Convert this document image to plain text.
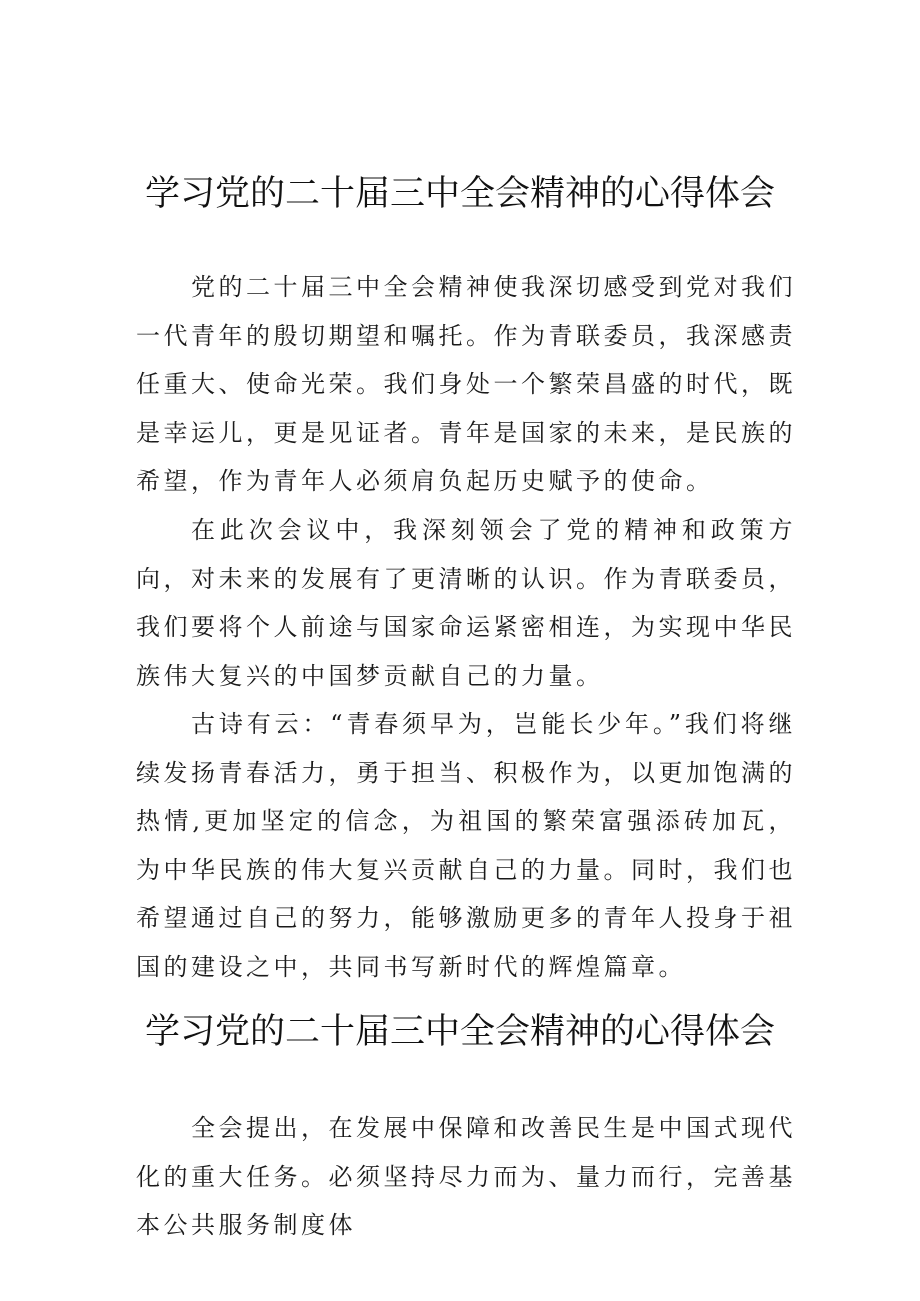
学习党的二十届三中全会精神的心得体会

党的二十届三中全会精神使我深切感受到党对我们一代青年的殷切期望和嘱托。作为青联委员，我深感责任重大、使命光荣。我们身处一个繁荣昌盛的时代，既是幸运儿，更是见证者。青年是国家的未来，是民族的希望，作为青年人必须肩负起历史赋予的使命。

在此次会议中，我深刻领会了党的精神和政策方向，对未来的发展有了更清晰的认识。作为青联委员，我们要将个人前途与国家命运紧密相连，为实现中华民族伟大复兴的中国梦贡献自己的力量。

古诗有云：“青春须早为，岂能长少年。”我们将继续发扬青春活力，勇于担当、积极作为，以更加饱满的热情,更加坚定的信念，为祖国的繁荣富强添砖加瓦，为中华民族的伟大复兴贡献自己的力量。同时，我们也希望通过自己的努力，能够激励更多的青年人投身于祖国的建设之中，共同书写新时代的辉煌篇章。

学习党的二十届三中全会精神的心得体会

全会提出，在发展中保障和改善民生是中国式现代化的重大任务。必须坚持尽力而为、量力而行，完善基本公共服务制度体
